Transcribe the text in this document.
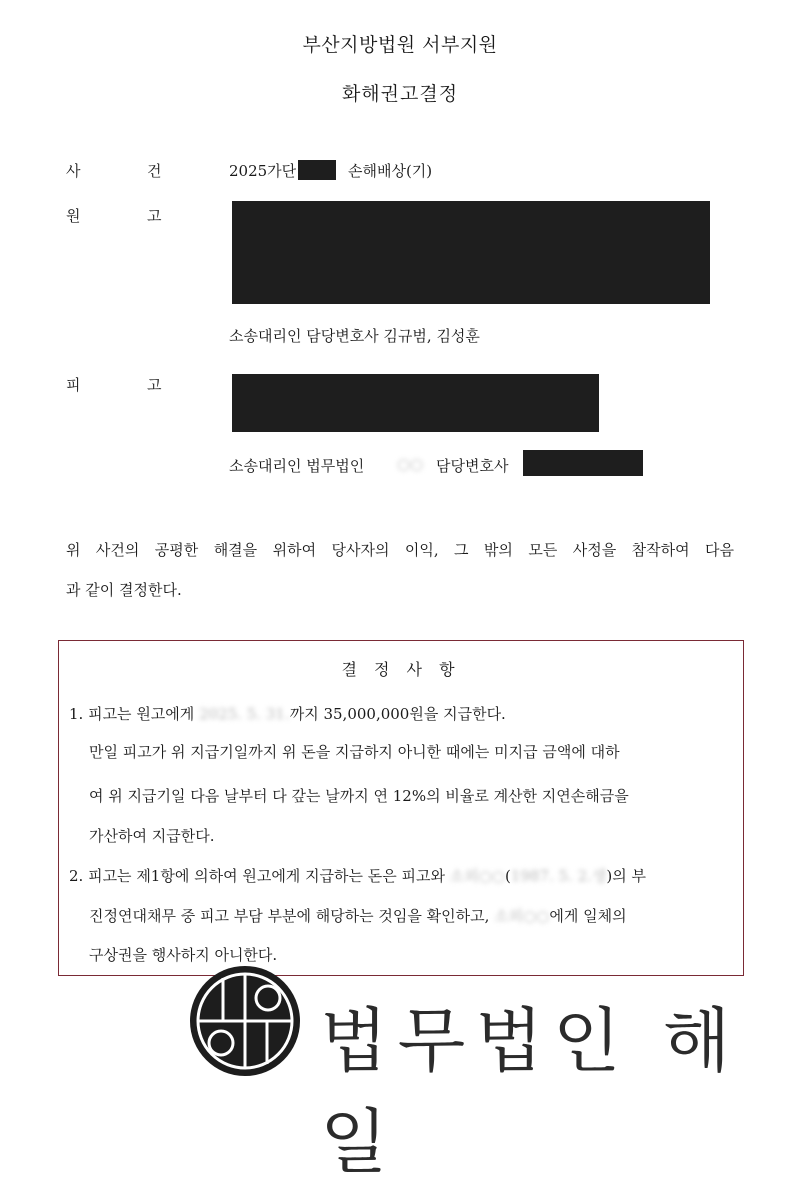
부산지방법원 서부지원
화해권고결정
사	건	2025가단	손해배상(기)
원	고
소송대리인 담당변호사 김규범, 김성훈
피	고
소송대리인 법무법인 ○○ 담당변호사
위 사건의 공평한 해결을 위하여 당사자의 이익, 그 밖의 모든 사정을 참작하여 다음
과 같이 결정한다.
결 정 사 항
1. 피고는 원고에게 2025. 5. 31.까지 35,000,000원을 지급한다.
만일 피고가 위 지급기일까지 위 돈을 지급하지 아니한 때에는 미지급 금액에 대하
여 위 지급기일 다음 날부터 다 갚는 날까지 연 12%의 비율로 계산한 지연손해금을
가산하여 지급한다.
2. 피고는 제1항에 의하여 원고에게 지급하는 돈은 피고와 소외○○(1987. 5. 2.생)의 부
진정연대채무 중 피고 부담 부분에 해당하는 것임을 확인하고, 소외○○에게 일체의
구상권을 행사하지 아니한다.
법무법인 해일
